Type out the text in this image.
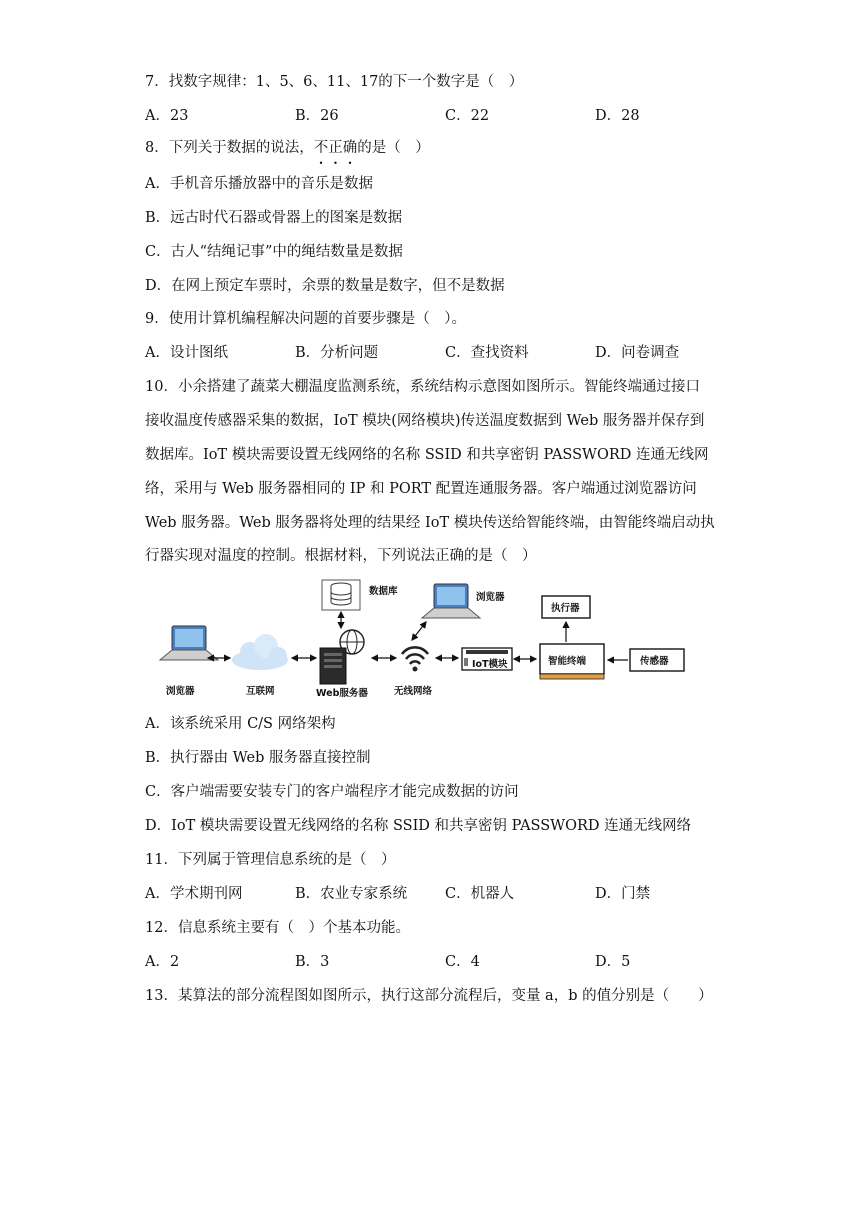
7．找数字规律：1、5、6、11、17的下一个数字是（　）
A．23	B．26	C．22	D．28
8．下列关于数据的说法，不正确的是（　）
A．手机音乐播放器中的音乐是数据
B．远古时代石器或骨器上的图案是数据
C．古人“结绳记事”中的绳结数量是数据
D．在网上预定车票时，余票的数量是数字，但不是数据
9．使用计算机编程解决问题的首要步骤是（　）。
A．设计图纸	B．分析问题	C．查找资料	D．问卷调查
10．小余搭建了蔬菜大棚温度监测系统，系统结构示意图如图所示。智能终端通过接口
接收温度传感器采集的数据，IoT 模块(网络模块)传送温度数据到 Web 服务器并保存到
数据库。IoT 模块需要设置无线网络的名称 SSID 和共享密钥 PASSWORD 连通无线网
络，采用与 Web 服务器相同的 IP 和 PORT 配置连通服务器。客户端通过浏览器访问
Web 服务器。Web 服务器将处理的结果经 IoT 模块传送给智能终端，由智能终端启动执
行器实现对温度的控制。根据材料，下列说法正确的是（　）
浏览器	互联网
数据库
Web服务器
浏览器
无线网络
IoT模块	智能终端
执行器
传感器
A．该系统采用 C/S 网络架构
B．执行器由 Web 服务器直接控制
C．客户端需要安装专门的客户端程序才能完成数据的访问
D．IoT 模块需要设置无线网络的名称 SSID 和共享密钥 PASSWORD 连通无线网络
11．下列属于管理信息系统的是（　）
A．学术期刊网	B．农业专家系统	C．机器人	D．门禁
12．信息系统主要有（　）个基本功能。
A．2	B．3	C．4	D．5
13．某算法的部分流程图如图所示，执行这部分流程后，变量 a，b 的值分别是（　　）
